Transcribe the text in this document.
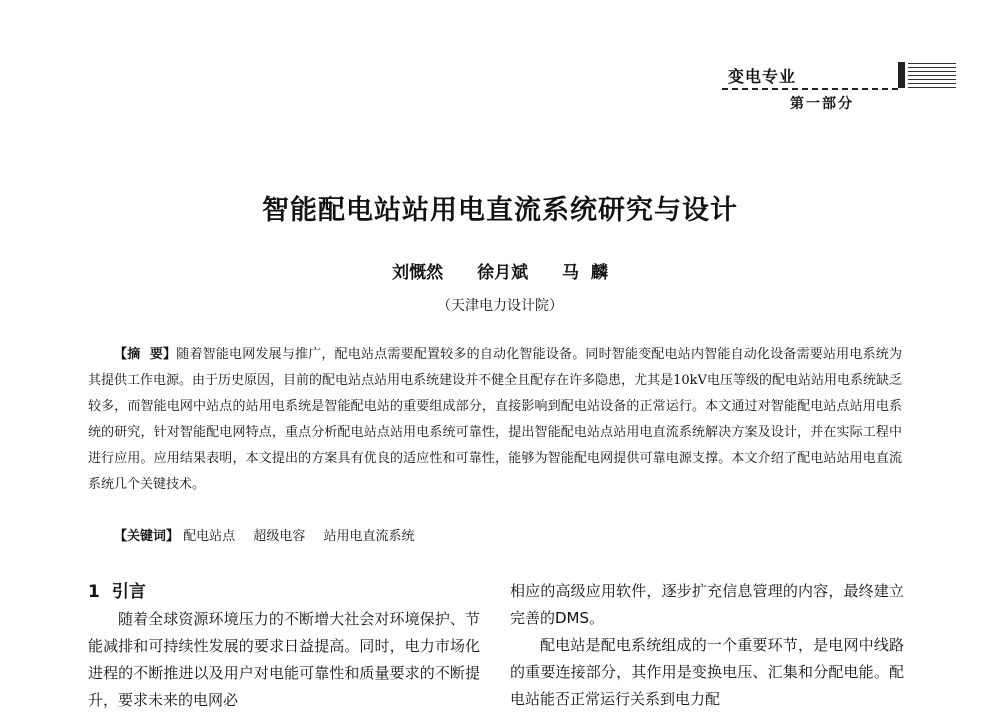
变电专业
第一部分
智能配电站站用电直流系统研究与设计
刘慨然 徐月斌 马  麟
（天津电力设计院）

【摘  要】随着智能电网发展与推广，配电站点需要配置较多的自动化智能设备。同时智能变配电站内智能自动化设备需要站用电系统为其提供工作电源。由于历史原因，目前的配电站点站用电系统建设并不健全且配存在许多隐患，尤其是10kV电压等级的配电站站用电系统缺乏较多，而智能电网中站点的站用电系统是智能配电站的重要组成部分，直接影响到配电站设备的正常运行。本文通过对智能配电站点站用电系统的研究，针对智能配电网特点，重点分析配电站点站用电系统可靠性，提出智能配电站点站用电直流系统解决方案及设计，并在实际工程中进行应用。应用结果表明，本文提出的方案具有优良的适应性和可靠性，能够为智能配电网提供可靠电源支撑。本文介绍了配电站站用电直流系统几个关键技术。

【关键词】 配电站点 超级电容 站用电直流系统
1 引言

随着全球资源环境压力的不断增大社会对环境保护、节能减排和可持续性发展的要求日益提高。同时，电力市场化进程的不断推进以及用户对电能可靠性和质量要求的不断提升，要求未来的电网必

相应的高级应用软件，逐步扩充信息管理的内容，最终建立完善的DMS。

配电站是配电系统组成的一个重要环节，是电网中线路的重要连接部分，其作用是变换电压、汇集和分配电能。配电站能否正常运行关系到电力配
